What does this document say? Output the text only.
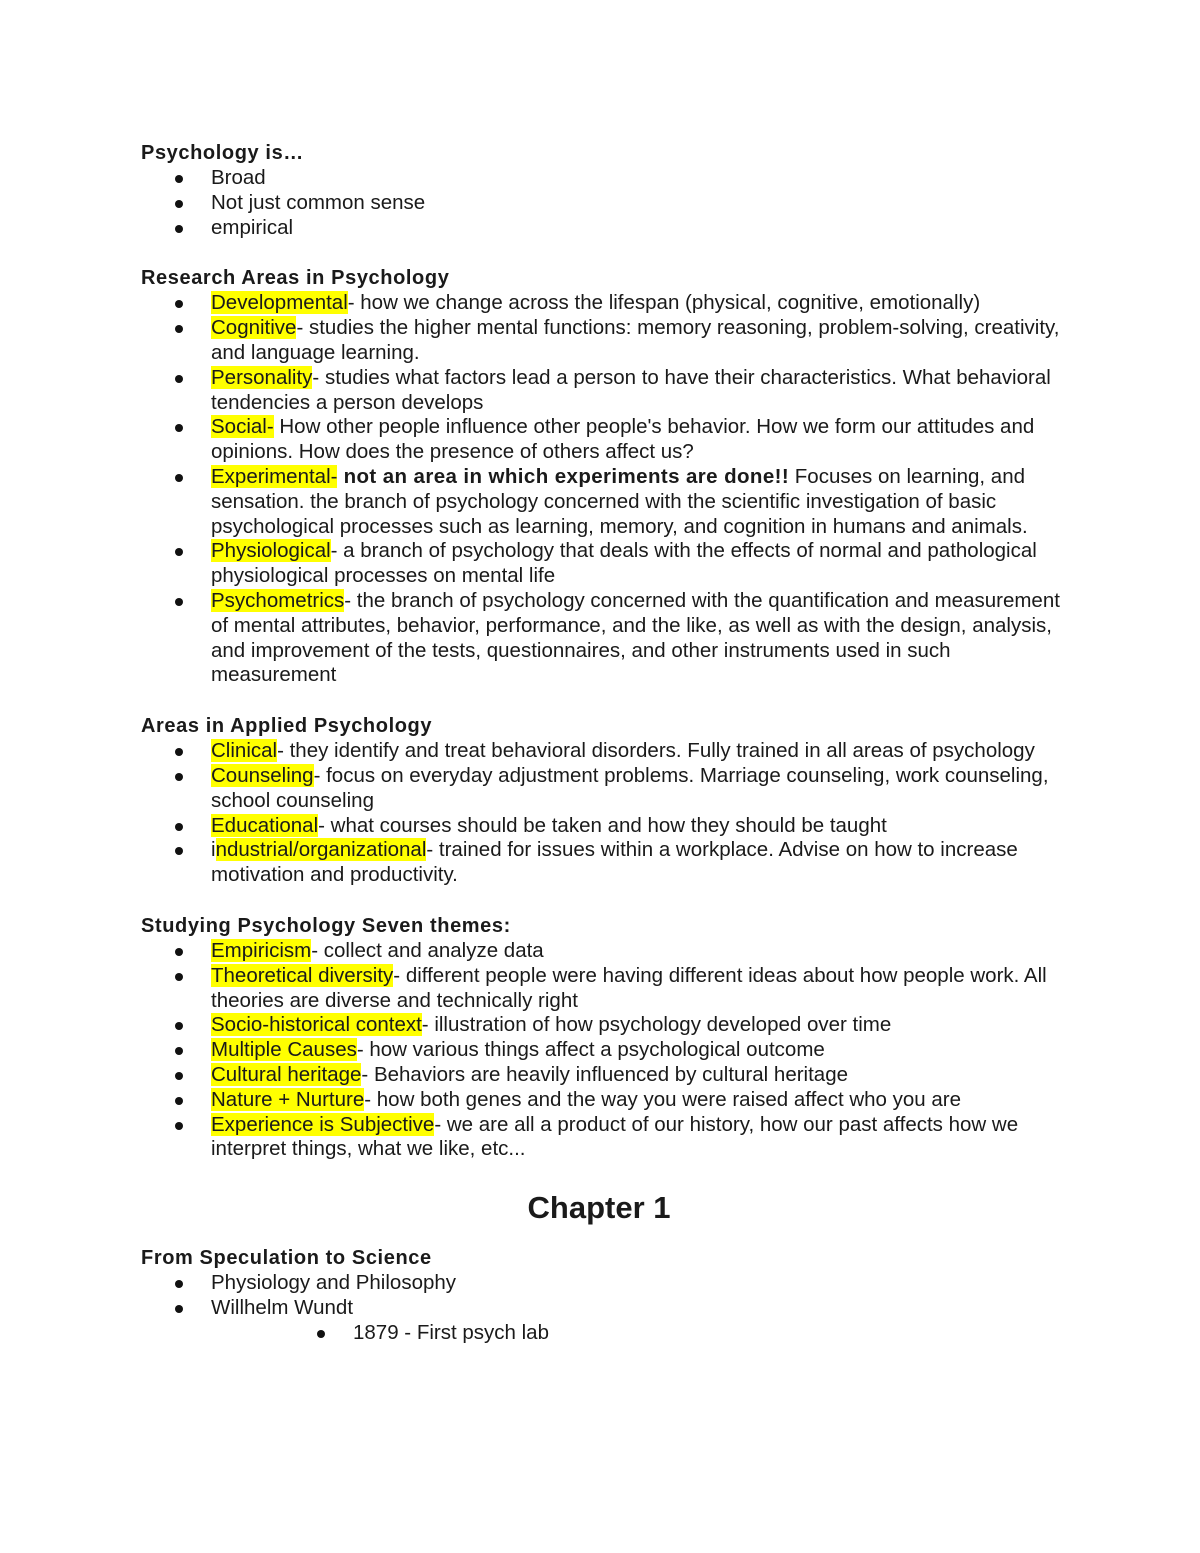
Psychology is…
Broad
Not just common sense
empirical
Research Areas in Psychology
Developmental- how we change across the lifespan (physical, cognitive, emotionally)
Cognitive- studies the higher mental functions: memory reasoning, problem-solving, creativity, and language learning.
Personality- studies what factors lead a person to have their characteristics. What behavioral tendencies a person develops
Social- How other people influence other people's behavior. How we form our attitudes and opinions. How does the presence of others affect us?
Experimental- not an area in which experiments are done!! Focuses on learning, and sensation. the branch of psychology concerned with the scientific investigation of basic psychological processes such as learning, memory, and cognition in humans and animals.
Physiological- a branch of psychology that deals with the effects of normal and pathological physiological processes on mental life
Psychometrics- the branch of psychology concerned with the quantification and measurement of mental attributes, behavior, performance, and the like, as well as with the design, analysis, and improvement of the tests, questionnaires, and other instruments used in such measurement
Areas in Applied Psychology
Clinical- they identify and treat behavioral disorders. Fully trained in all areas of psychology
Counseling- focus on everyday adjustment problems. Marriage counseling, work counseling, school counseling
Educational- what courses should be taken and how they should be taught
industrial/organizational- trained for issues within a workplace. Advise on how to increase motivation and productivity.
Studying Psychology Seven themes:
Empiricism- collect and analyze data
Theoretical diversity- different people were having different ideas about how people work. All theories are diverse and technically right
Socio-historical context- illustration of how psychology developed over time
Multiple Causes- how various things affect a psychological outcome
Cultural heritage- Behaviors are heavily influenced by cultural heritage
Nature + Nurture- how both genes and the way you were raised affect who you are
Experience is Subjective- we are all a product of our history, how our past affects how we interpret things, what we like, etc...
Chapter 1
From Speculation to Science
Physiology and Philosophy
Willhelm Wundt
1879 - First psych lab
